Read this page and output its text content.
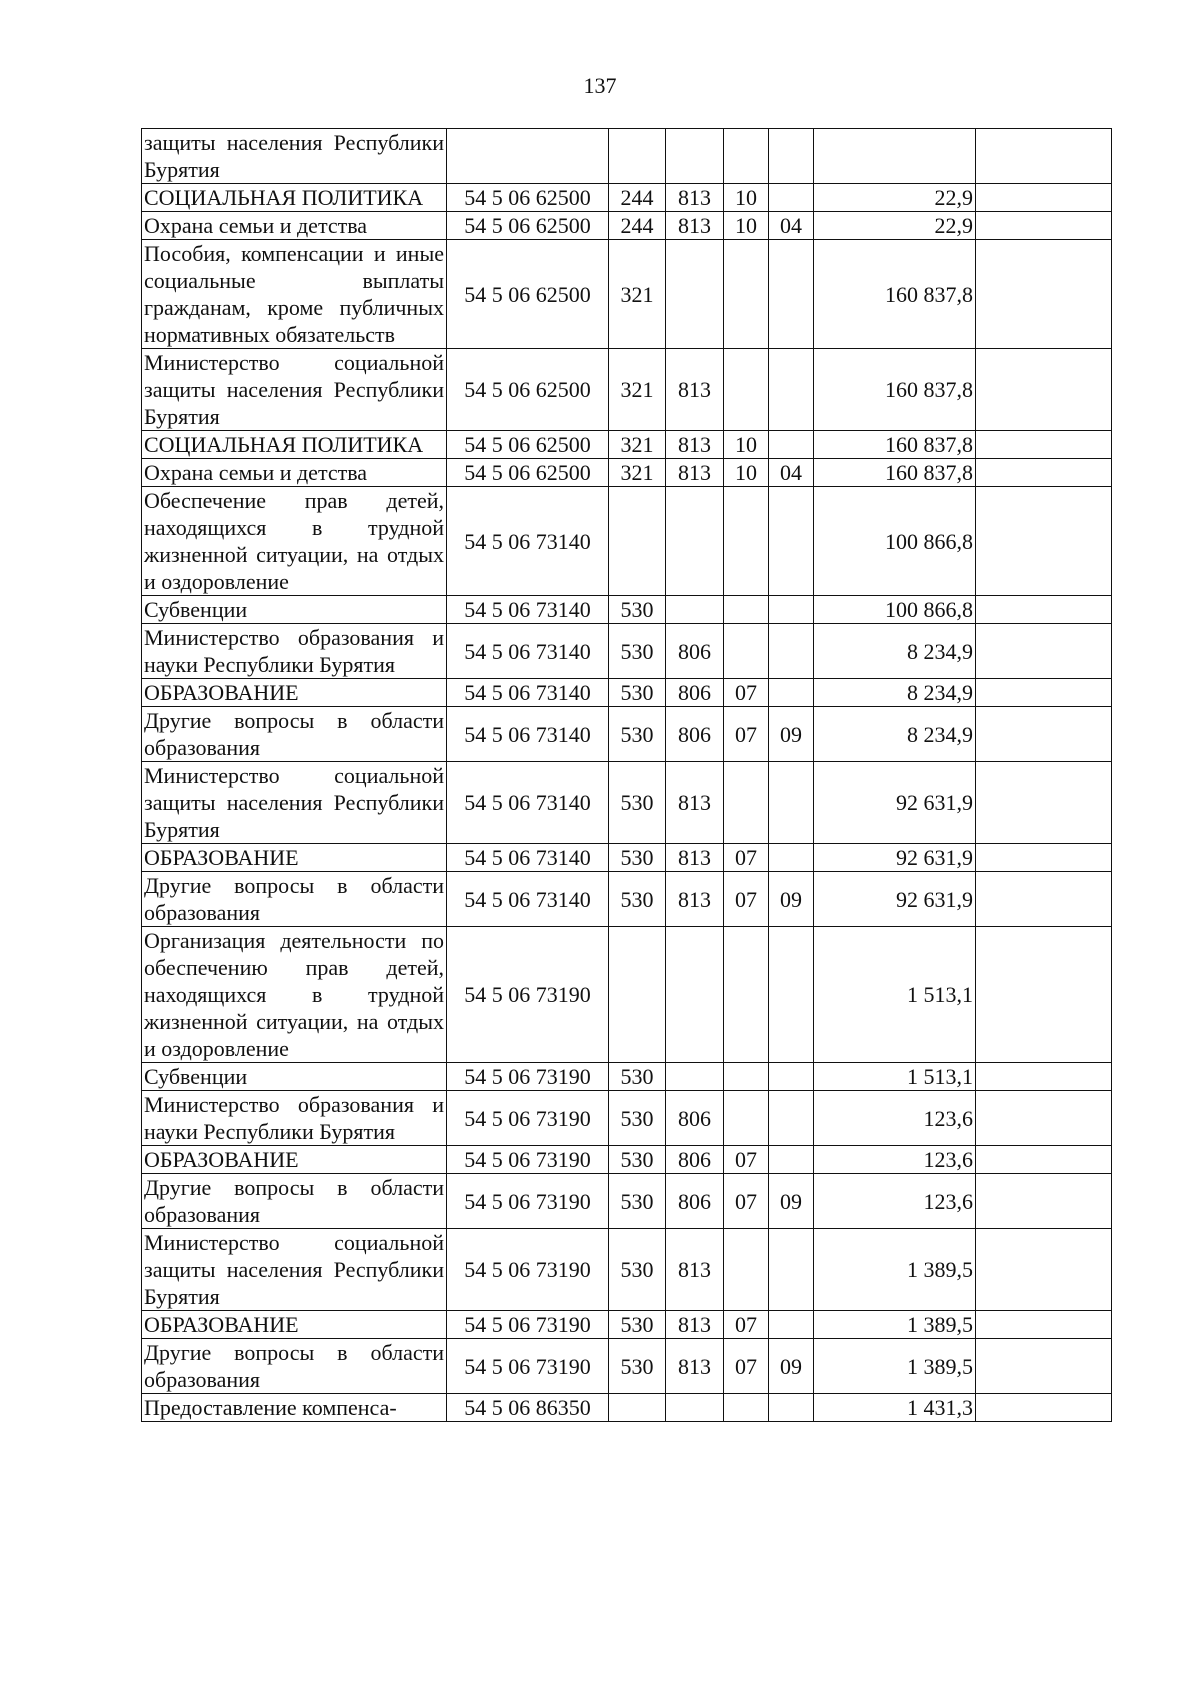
137
защиты населения Республики Бурятия							
СОЦИАЛЬНАЯ ПОЛИТИКА	54 5 06 62500	244	813	10		22,9	
Охрана семьи и детства	54 5 06 62500	244	813	10	04	22,9	
Пособия, компенсации и иные социальные выплаты гражданам, кроме публичных нормативных обязательств	54 5 06 62500	321				160 837,8	
Министерство социальной защиты населения Республики Бурятия	54 5 06 62500	321	813			160 837,8	
СОЦИАЛЬНАЯ ПОЛИТИКА	54 5 06 62500	321	813	10		160 837,8	
Охрана семьи и детства	54 5 06 62500	321	813	10	04	160 837,8	
Обеспечение прав детей, находящихся в трудной жизненной ситуации, на отдых и оздоровление	54 5 06 73140					100 866,8	
Субвенции	54 5 06 73140	530				100 866,8	
Министерство образования и науки Республики Бурятия	54 5 06 73140	530	806			8 234,9	
ОБРАЗОВАНИЕ	54 5 06 73140	530	806	07		8 234,9	
Другие вопросы в области образования	54 5 06 73140	530	806	07	09	8 234,9	
Министерство социальной защиты населения Республики Бурятия	54 5 06 73140	530	813			92 631,9	
ОБРАЗОВАНИЕ	54 5 06 73140	530	813	07		92 631,9	
Другие вопросы в области образования	54 5 06 73140	530	813	07	09	92 631,9	
Организация деятельности по обеспечению прав детей, находящихся в трудной жизненной ситуации, на отдых и оздоровление	54 5 06 73190					1 513,1	
Субвенции	54 5 06 73190	530				1 513,1	
Министерство образования и науки Республики Бурятия	54 5 06 73190	530	806			123,6	
ОБРАЗОВАНИЕ	54 5 06 73190	530	806	07		123,6	
Другие вопросы в области образования	54 5 06 73190	530	806	07	09	123,6	
Министерство социальной защиты населения Республики Бурятия	54 5 06 73190	530	813			1 389,5	
ОБРАЗОВАНИЕ	54 5 06 73190	530	813	07		1 389,5	
Другие вопросы в области образования	54 5 06 73190	530	813	07	09	1 389,5	
Предоставление компенса-	54 5 06 86350					1 431,3	
